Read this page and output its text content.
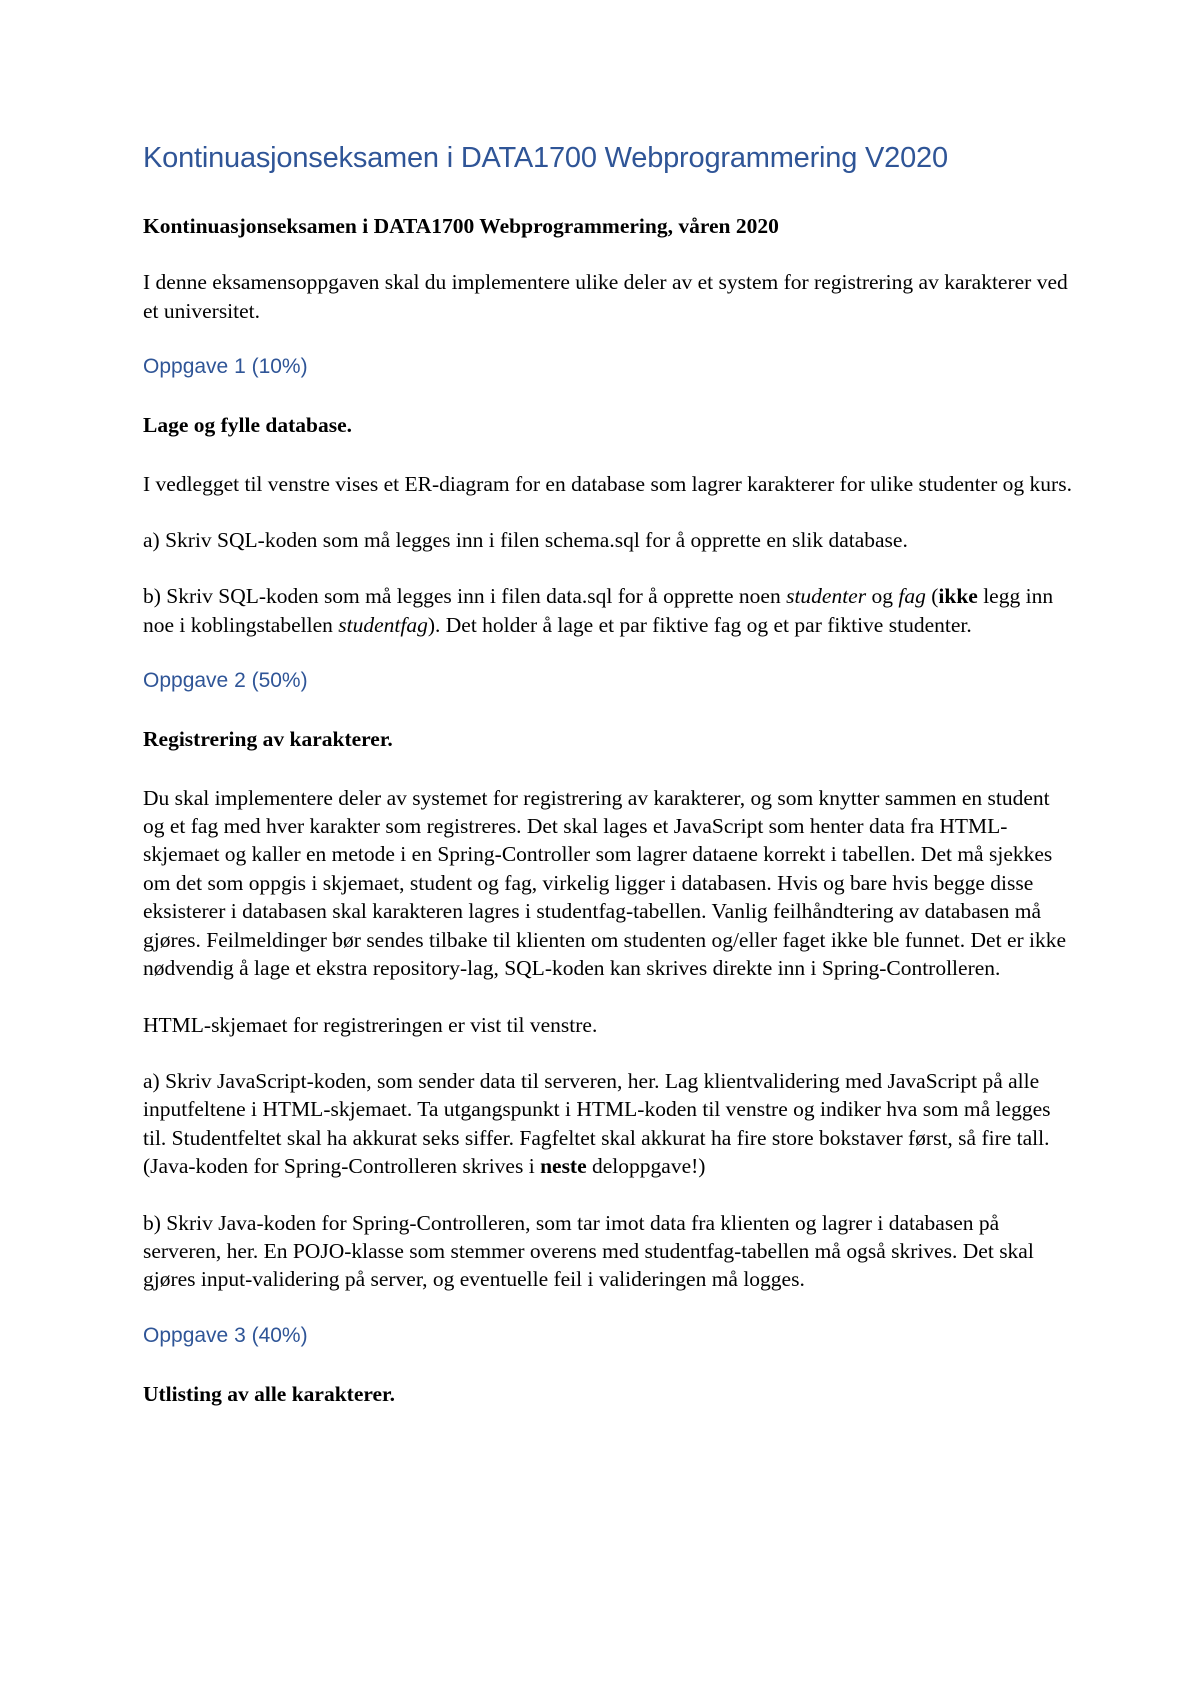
Kontinuasjonseksamen i DATA1700 Webprogrammering V2020

Kontinuasjonseksamen i DATA1700 Webprogrammering, våren 2020

I denne eksamensoppgaven skal du implementere ulike deler av et system for registrering av karakterer ved et universitet.

Oppgave 1 (10%)

Lage og fylle database.

I vedlegget til venstre vises et ER-diagram for en database som lagrer karakterer for ulike studenter og kurs.

a) Skriv SQL-koden som må legges inn i filen schema.sql for å opprette en slik database.

b) Skriv SQL-koden som må legges inn i filen data.sql for å opprette noen studenter og fag (ikke legg inn noe i koblingstabellen studentfag). Det holder å lage et par fiktive fag og et par fiktive studenter.

Oppgave 2 (50%)

Registrering av karakterer.

Du skal implementere deler av systemet for registrering av karakterer, og som knytter sammen en student og et fag med hver karakter som registreres. Det skal lages et JavaScript som henter data fra HTML-skjemaet og kaller en metode i en Spring-Controller som lagrer dataene korrekt i tabellen. Det må sjekkes om det som oppgis i skjemaet, student og fag, virkelig ligger i databasen. Hvis og bare hvis begge disse eksisterer i databasen skal karakteren lagres i studentfag-tabellen. Vanlig feilhåndtering av databasen må gjøres. Feilmeldinger bør sendes tilbake til klienten om studenten og/eller faget ikke ble funnet. Det er ikke nødvendig å lage et ekstra repository-lag, SQL-koden kan skrives direkte inn i Spring-Controlleren.

HTML-skjemaet for registreringen er vist til venstre.

a) Skriv JavaScript-koden, som sender data til serveren, her. Lag klientvalidering med JavaScript på alle inputfeltene i HTML-skjemaet. Ta utgangspunkt i HTML-koden til venstre og indiker hva som må legges til. Studentfeltet skal ha akkurat seks siffer. Fagfeltet skal akkurat ha fire store bokstaver først, så fire tall. (Java-koden for Spring-Controlleren skrives i neste deloppgave!)

b) Skriv Java-koden for Spring-Controlleren, som tar imot data fra klienten og lagrer i databasen på serveren, her. En POJO-klasse som stemmer overens med studentfag-tabellen må også skrives. Det skal gjøres input-validering på server, og eventuelle feil i valideringen må logges.

Oppgave 3 (40%)

Utlisting av alle karakterer.
